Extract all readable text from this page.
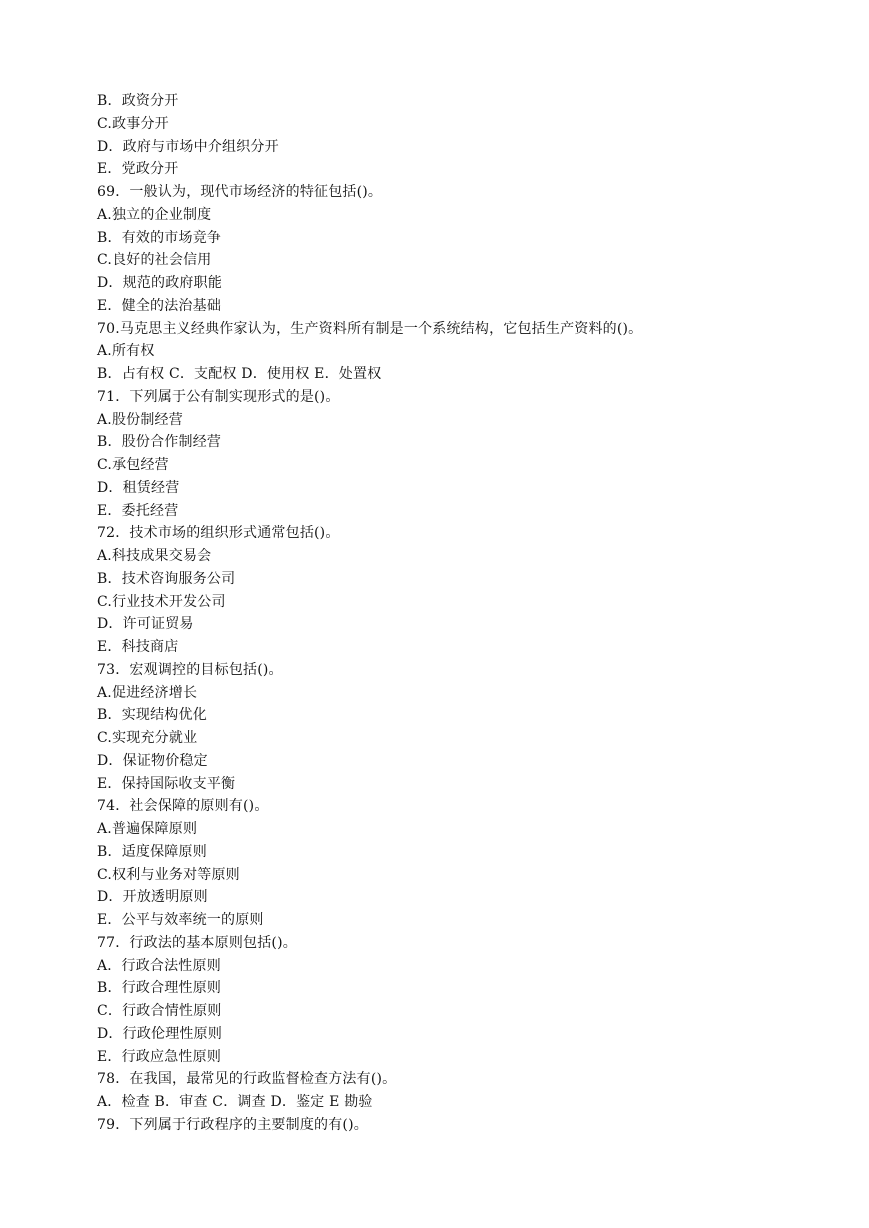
B．政资分开
C.政事分开
D．政府与市场中介组织分开
E．党政分开
69．一般认为，现代市场经济的特征包括()。
A.独立的企业制度
B．有效的市场竞争
C.良好的社会信用
D．规范的政府职能
E．健全的法治基础
70.马克思主义经典作家认为，生产资料所有制是一个系统结构，它包括生产资料的()。
A.所有权
B．占有权 C．支配权 D．使用权 E．处置权
71．下列属于公有制实现形式的是()。
A.股份制经营
B．股份合作制经营
C.承包经营
D．租赁经营
E．委托经营
72．技术市场的组织形式通常包括()。
A.科技成果交易会
B．技术咨询服务公司
C.行业技术开发公司
D．许可证贸易
E．科技商店
73．宏观调控的目标包括()。
A.促进经济增长
B．实现结构优化
C.实现充分就业
D．保证物价稳定
E．保持国际收支平衡
74．社会保障的原则有()。
A.普遍保障原则
B．适度保障原则
C.权利与业务对等原则
D．开放透明原则
E．公平与效率统一的原则
77．行政法的基本原则包括()。
A．行政合法性原则
B．行政合理性原则
C．行政合情性原则
D．行政伦理性原则
E．行政应急性原则
78．在我国，最常见的行政监督检查方法有()。
A．检查 B．审查 C．调查 D．鉴定 E 勘验
79．下列属于行政程序的主要制度的有()。
